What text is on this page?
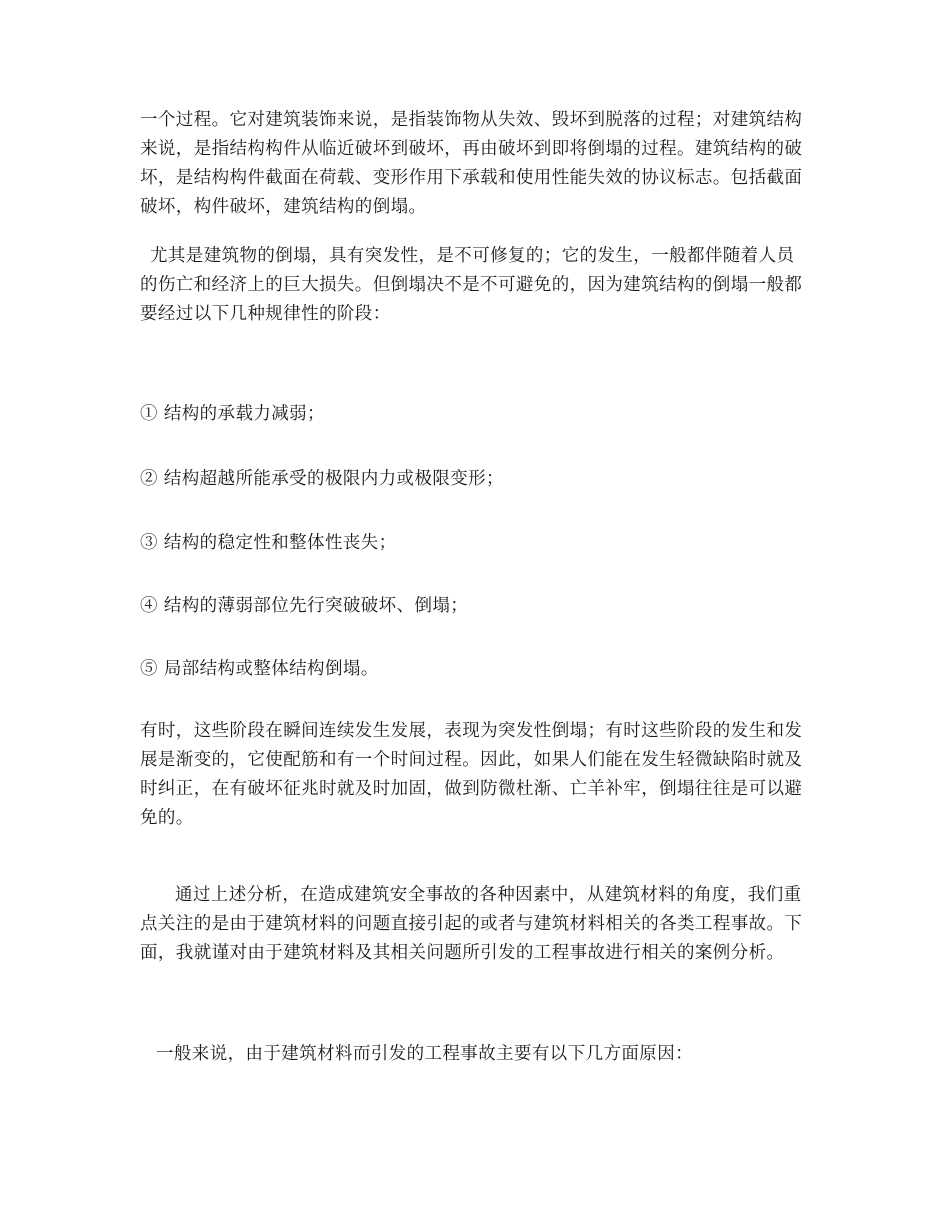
一个过程。它对建筑装饰来说，是指装饰物从失效、毁坏到脱落的过程；对建筑结构来说，是指结构构件从临近破坏到破坏，再由破坏到即将倒塌的过程。建筑结构的破坏，是结构构件截面在荷载、变形作用下承载和使用性能失效的协议标志。包括截面破坏，构件破坏，建筑结构的倒塌。

尤其是建筑物的倒塌，具有突发性，是不可修复的；它的发生，一般都伴随着人员的伤亡和经济上的巨大损失。但倒塌决不是不可避免的，因为建筑结构的倒塌一般都要经过以下几种规律性的阶段：

① 结构的承载力减弱；

② 结构超越所能承受的极限内力或极限变形；

③ 结构的稳定性和整体性丧失；

④ 结构的薄弱部位先行突破破坏、倒塌；

⑤ 局部结构或整体结构倒塌。

有时，这些阶段在瞬间连续发生发展，表现为突发性倒塌；有时这些阶段的发生和发展是渐变的，它使配筋和有一个时间过程。因此，如果人们能在发生轻微缺陷时就及时纠正，在有破坏征兆时就及时加固，做到防微杜渐、亡羊补牢，倒塌往往是可以避免的。

通过上述分析，在造成建筑安全事故的各种因素中，从建筑材料的角度，我们重点关注的是由于建筑材料的问题直接引起的或者与建筑材料相关的各类工程事故。下面，我就谨对由于建筑材料及其相关问题所引发的工程事故进行相关的案例分析。

一般来说，由于建筑材料而引发的工程事故主要有以下几方面原因：
